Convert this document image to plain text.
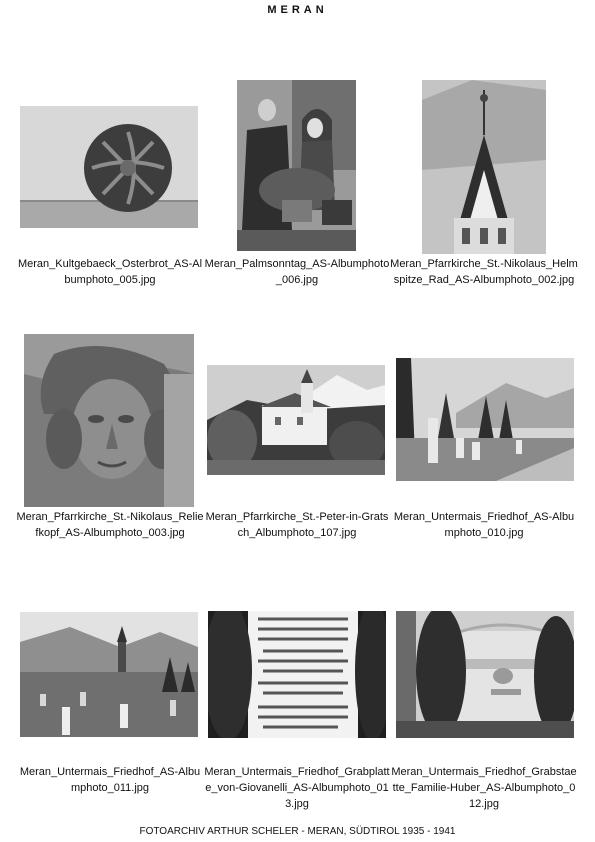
MERAN
Meran_Kultgebaeck_Osterbrot_AS-Albumphoto_005.jpg
Meran_Palmsonntag_AS-Albumphoto_006.jpg
Meran_Pfarrkirche_St.-Nikolaus_Helmspitze_Rad_AS-Albumphoto_002.jpg
Meran_Pfarrkirche_St.-Nikolaus_Reliefkopf_AS-Albumphoto_003.jpg
Meran_Pfarrkirche_St.-Peter-in-Gratsch_Albumphoto_107.jpg
Meran_Untermais_Friedhof_AS-Albumphoto_010.jpg
Meran_Untermais_Friedhof_AS-Albumphoto_011.jpg
Meran_Untermais_Friedhof_Grabplatte_von-Giovanelli_AS-Albumphoto_013.jpg
Meran_Untermais_Friedhof_Grabstaette_Familie-Huber_AS-Albumphoto_012.jpg
FOTOARCHIV ARTHUR SCHELER - MERAN, SÜDTIROL 1935 - 1941
